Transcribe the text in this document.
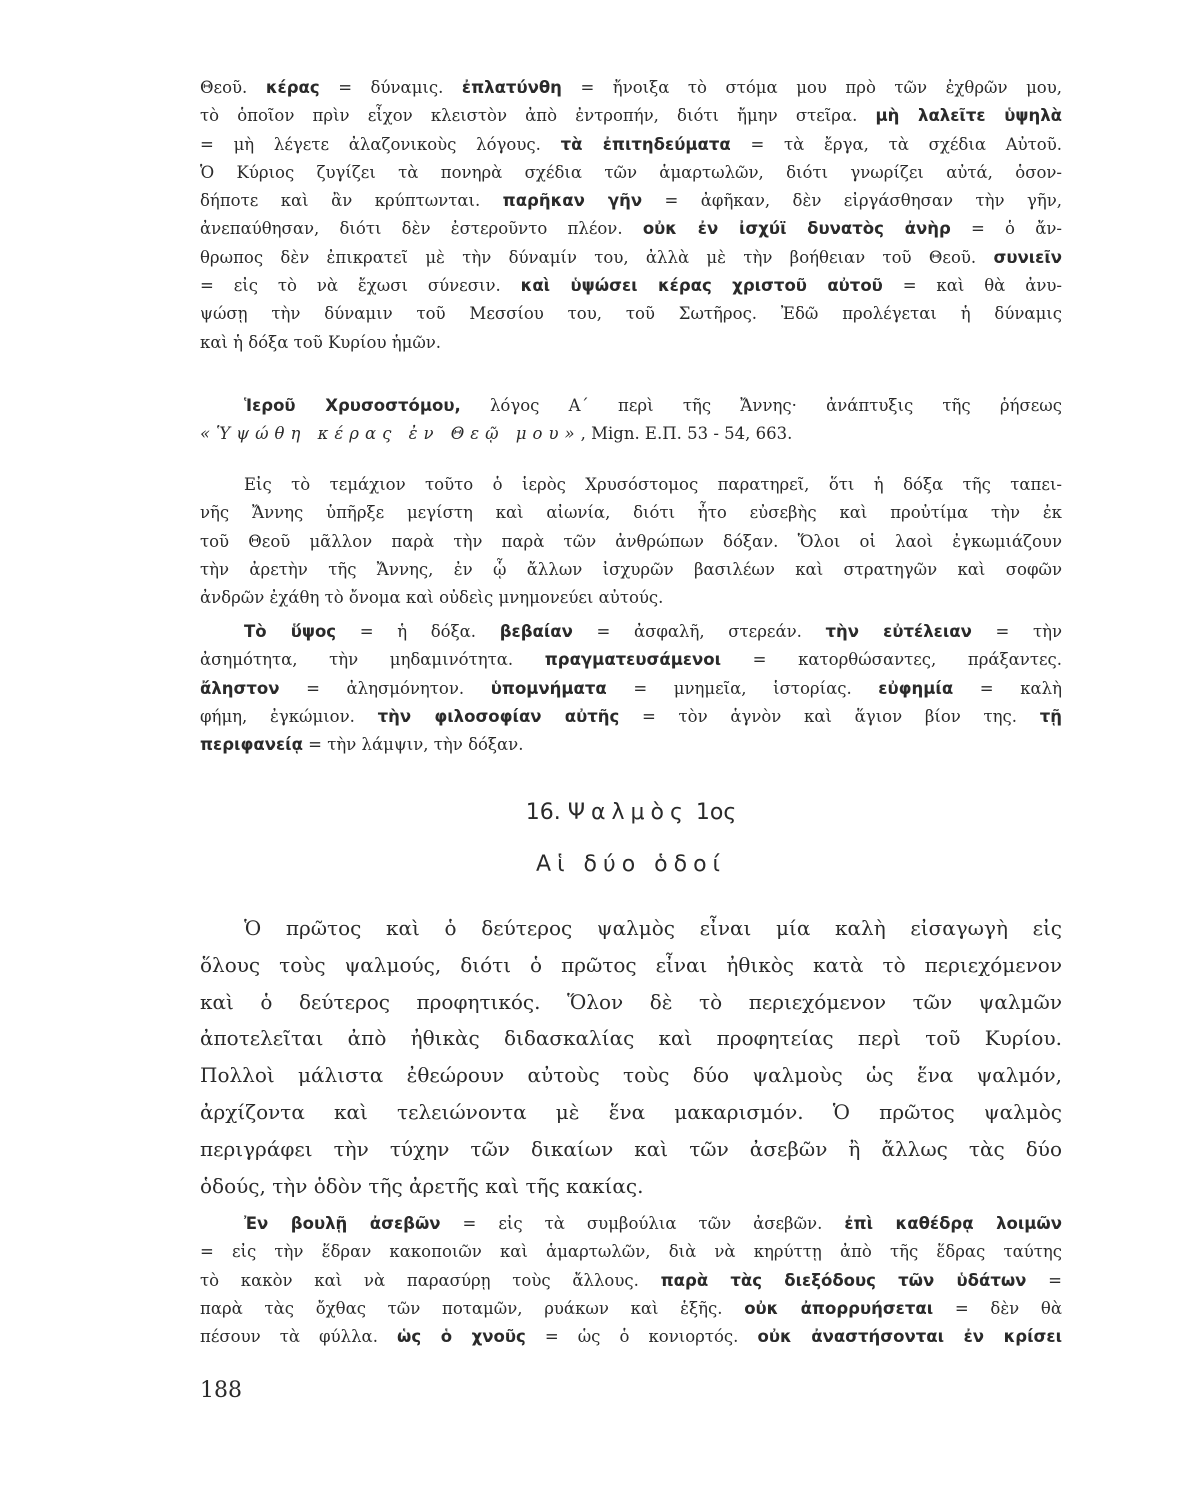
Θεοῦ. κέρας = δύναμις. ἐπλατύνθη = ἤνοιξα τὸ στόμα μου πρὸ τῶν ἐχθρῶν μου,
τὸ ὁποῖον πρὶν εἶχον κλειστὸν ἀπὸ ἐντροπήν, διότι ἤμην στεῖρα. μὴ λαλεῖτε ὑψηλὰ
= μὴ λέγετε ἀλαζονικοὺς λόγους. τὰ ἐπιτηδεύματα = τὰ ἔργα, τὰ σχέδια Αὐτοῦ.
Ὁ Κύριος ζυγίζει τὰ πονηρὰ σχέδια τῶν ἁμαρτωλῶν, διότι γνωρίζει αὐτά, ὁσον-
δήποτε καὶ ἂν κρύπτωνται. παρῆκαν γῆν = ἀφῆκαν, δὲν εἰργάσθησαν τὴν γῆν,
ἀνεπαύθησαν, διότι δὲν ἐστεροῦντο πλέον. οὐκ ἐν ἰσχύϊ δυνατὸς ἀνὴρ = ὁ ἄν-
θρωπος δὲν ἐπικρατεῖ μὲ τὴν δύναμίν του, ἀλλὰ μὲ τὴν βοήθειαν τοῦ Θεοῦ. συνιεῖν
= εἰς τὸ νὰ ἔχωσι σύνεσιν. καὶ ὑψώσει κέρας χριστοῦ αὐτοῦ = καὶ θὰ ἀνυ-
ψώσῃ τὴν δύναμιν τοῦ Μεσσίου του, τοῦ Σωτῆρος. Ἐδῶ προλέγεται ἡ δύναμις
καὶ ἡ δόξα τοῦ Κυρίου ἡμῶν.
Ἱεροῦ Χρυσοστόμου, λόγος Α´ περὶ τῆς Ἄννης· ἀνάπτυξις τῆς ῥήσεως
«Ὑψώθη κέρας ἐν Θεῷ μου», Mign. E.Π. 53 - 54, 663.
Εἰς τὸ τεμάχιον τοῦτο ὁ ἱερὸς Χρυσόστομος παρατηρεῖ, ὅτι ἡ δόξα τῆς ταπει-
νῆς Ἄννης ὑπῆρξε μεγίστη καὶ αἰωνία, διότι ἦτο εὐσεβὴς καὶ προὐτίμα τὴν ἐκ
τοῦ Θεοῦ μᾶλλον παρὰ τὴν παρὰ τῶν ἀνθρώπων δόξαν. Ὅλοι οἱ λαοὶ ἐγκωμιάζουν
τὴν ἀρετὴν τῆς Ἄννης, ἐν ᾧ ἄλλων ἰσχυρῶν βασιλέων καὶ στρατηγῶν καὶ σοφῶν
ἀνδρῶν ἐχάθη τὸ ὄνομα καὶ οὐδεὶς μνημονεύει αὐτούς.
Τὸ ὕψος = ἡ δόξα. βεβαίαν = ἀσφαλῆ, στερεάν. τὴν εὐτέλειαν = τὴν
ἀσημότητα, τὴν μηδαμινότητα. πραγματευσάμενοι = κατορθώσαντες, πράξαντες.
ἄληστον = ἀλησμόνητον. ὑπομνήματα = μνημεῖα, ἱστορίας. εὐφημία = καλὴ
φήμη, ἐγκώμιον. τὴν φιλοσοφίαν αὐτῆς = τὸν ἁγνὸν καὶ ἅγιον βίον της. τῇ
περιφανείᾳ = τὴν λάμψιν, τὴν δόξαν.
16. Ψαλμὸς 1ος
Αἱ δύο ὁδοί
Ὁ πρῶτος καὶ ὁ δεύτερος ψαλμὸς εἶναι μία καλὴ εἰσαγωγὴ εἰς
ὅλους τοὺς ψαλμούς, διότι ὁ πρῶτος εἶναι ἠθικὸς κατὰ τὸ περιεχόμενον
καὶ ὁ δεύτερος προφητικός. Ὅλον δὲ τὸ περιεχόμενον τῶν ψαλμῶν
ἀποτελεῖται ἀπὸ ἠθικὰς διδασκαλίας καὶ προφητείας περὶ τοῦ Κυρίου.
Πολλοὶ μάλιστα ἐθεώρουν αὐτοὺς τοὺς δύο ψαλμοὺς ὡς ἕνα ψαλμόν,
ἀρχίζοντα καὶ τελειώνοντα μὲ ἕνα μακαρισμόν. Ὁ πρῶτος ψαλμὸς
περιγράφει τὴν τύχην τῶν δικαίων καὶ τῶν ἀσεβῶν ἢ ἄλλως τὰς δύο
ὁδούς, τὴν ὁδὸν τῆς ἀρετῆς καὶ τῆς κακίας.
Ἐν βουλῇ ἀσεβῶν = εἰς τὰ συμβούλια τῶν ἀσεβῶν. ἐπὶ καθέδρᾳ λοιμῶν
= εἰς τὴν ἕδραν κακοποιῶν καὶ ἁμαρτωλῶν, διὰ νὰ κηρύττῃ ἀπὸ τῆς ἕδρας ταύτης
τὸ κακὸν καὶ νὰ παρασύρῃ τοὺς ἄλλους. παρὰ τὰς διεξόδους τῶν ὑδάτων =
παρὰ τὰς ὄχθας τῶν ποταμῶν, ρυάκων καὶ ἑξῆς. οὐκ ἀπορρυήσεται = δὲν θὰ
πέσουν τὰ φύλλα. ὡς ὁ χνοῦς = ὡς ὁ κονιορτός. οὐκ ἀναστήσονται ἐν κρίσει
188
